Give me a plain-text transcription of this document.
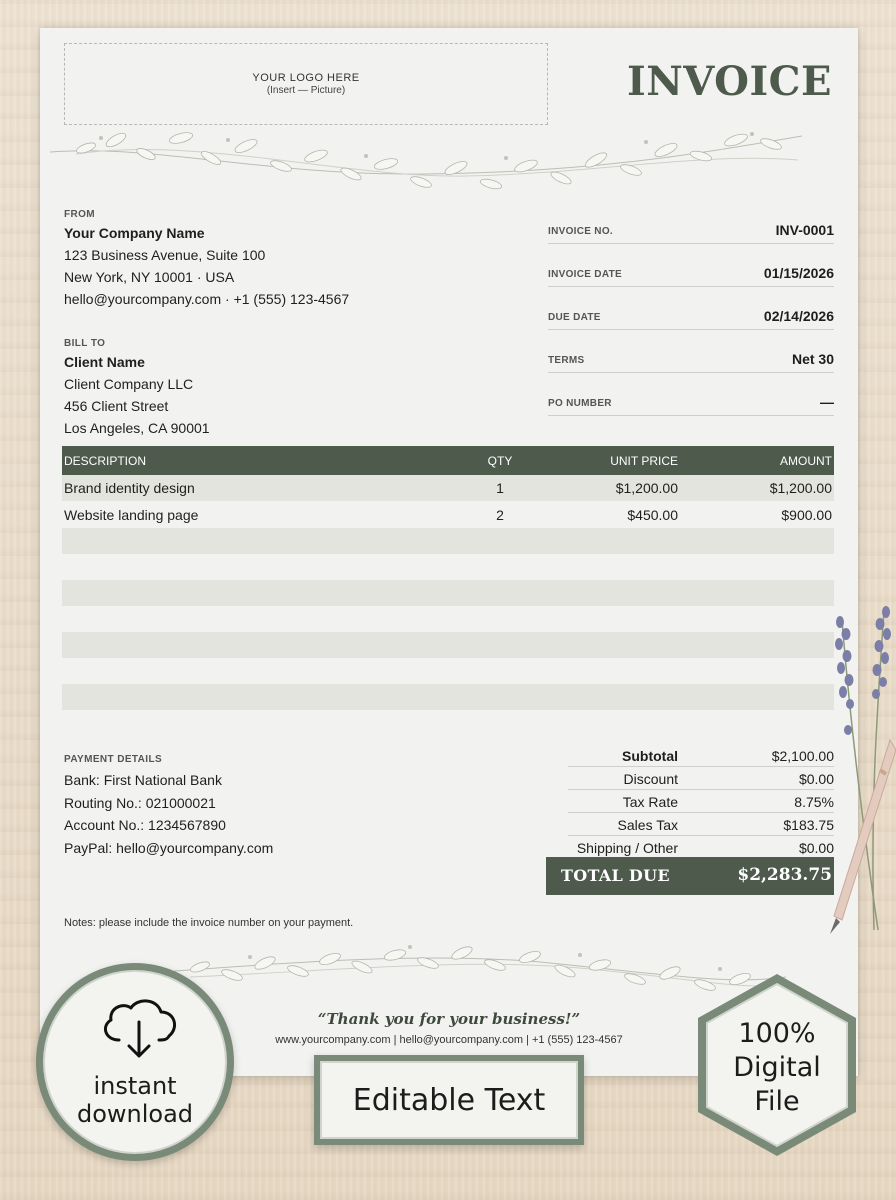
YOUR LOGO HERE
(Insert — Picture)	INVOICE
FROM
Your Company Name
123 Business Avenue, Suite 100
New York, NY 10001 · USA
hello@yourcompany.com · +1 (555) 123-4567
BILL TO
Client Name
Client Company LLC
456 Client Street
Los Angeles, CA 90001
INVOICE NO.	INV-0001
INVOICE DATE	01/15/2026
DUE DATE	02/14/2026
TERMS	Net 30
PO NUMBER	—
DESCRIPTION	QTY	UNIT PRICE	AMOUNT
Brand identity design	1	$1,200.00	$1,200.00
Website landing page	2	$450.00	$900.00
PAYMENT DETAILS
Bank: First National Bank
Routing No.: 021000021
Account No.: 1234567890
PayPal: hello@yourcompany.com
Subtotal	$2,100.00
Discount	$0.00
Tax Rate	8.75%
Sales Tax	$183.75
Shipping / Other	$0.00
TOTAL DUE	$2,283.75
Notes: please include the invoice number on your payment.
“Thank you for your business!”
www.yourcompany.com | hello@yourcompany.com | +1 (555) 123-4567
instant
download	Editable Text
100%
Digital
File
